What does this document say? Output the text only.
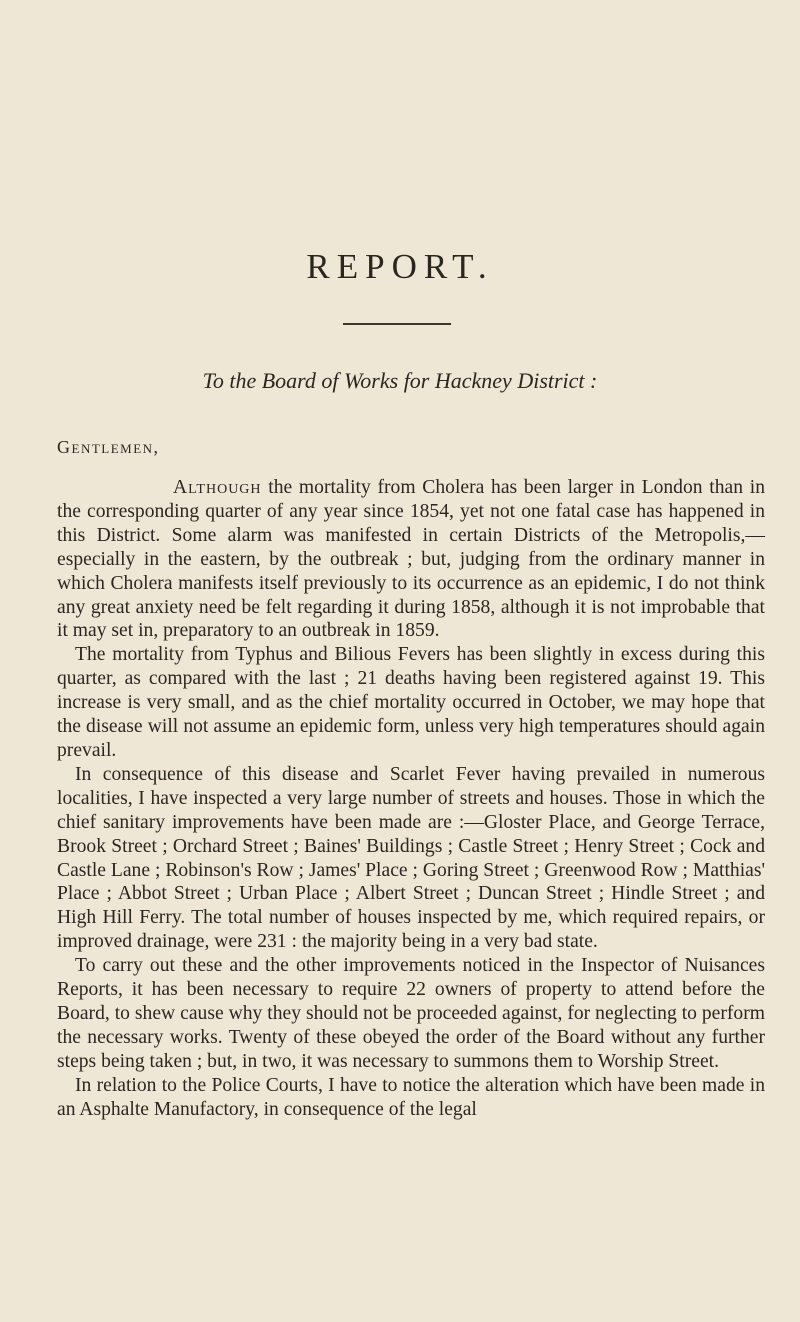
REPORT.
To the Board of Works for Hackney District :
Gentlemen,

Although the mortality from Cholera has been larger in London than in the corresponding quarter of any year since 1854, yet not one fatal case has happened in this District. Some alarm was manifested in certain Districts of the Metropolis,—especially in the eastern, by the outbreak ; but, judging from the ordinary manner in which Cholera manifests itself previously to its occurrence as an epidemic, I do not think any great anxiety need be felt regarding it during 1858, although it is not improbable that it may set in, preparatory to an outbreak in 1859.

The mortality from Typhus and Bilious Fevers has been slightly in excess during this quarter, as compared with the last ; 21 deaths having been registered against 19. This increase is very small, and as the chief mortality occurred in October, we may hope that the disease will not assume an epidemic form, unless very high temperatures should again prevail.

In consequence of this disease and Scarlet Fever having prevailed in numerous localities, I have inspected a very large number of streets and houses. Those in which the chief sanitary improvements have been made are :—Gloster Place, and George Terrace, Brook Street ; Orchard Street ; Baines' Buildings ; Castle Street ; Henry Street ; Cock and Castle Lane ; Robinson's Row ; James' Place ; Goring Street ; Greenwood Row ; Matthias' Place ; Abbot Street ; Urban Place ; Albert Street ; Duncan Street ; Hindle Street ; and High Hill Ferry. The total number of houses inspected by me, which required repairs, or improved drainage, were 231 : the majority being in a very bad state.

To carry out these and the other improvements noticed in the Inspector of Nuisances Reports, it has been necessary to require 22 owners of property to attend before the Board, to shew cause why they should not be proceeded against, for neglecting to perform the necessary works. Twenty of these obeyed the order of the Board without any further steps being taken ; but, in two, it was necessary to summons them to Worship Street.

In relation to the Police Courts, I have to notice the alteration which have been made in an Asphalte Manufactory, in consequence of the legal
